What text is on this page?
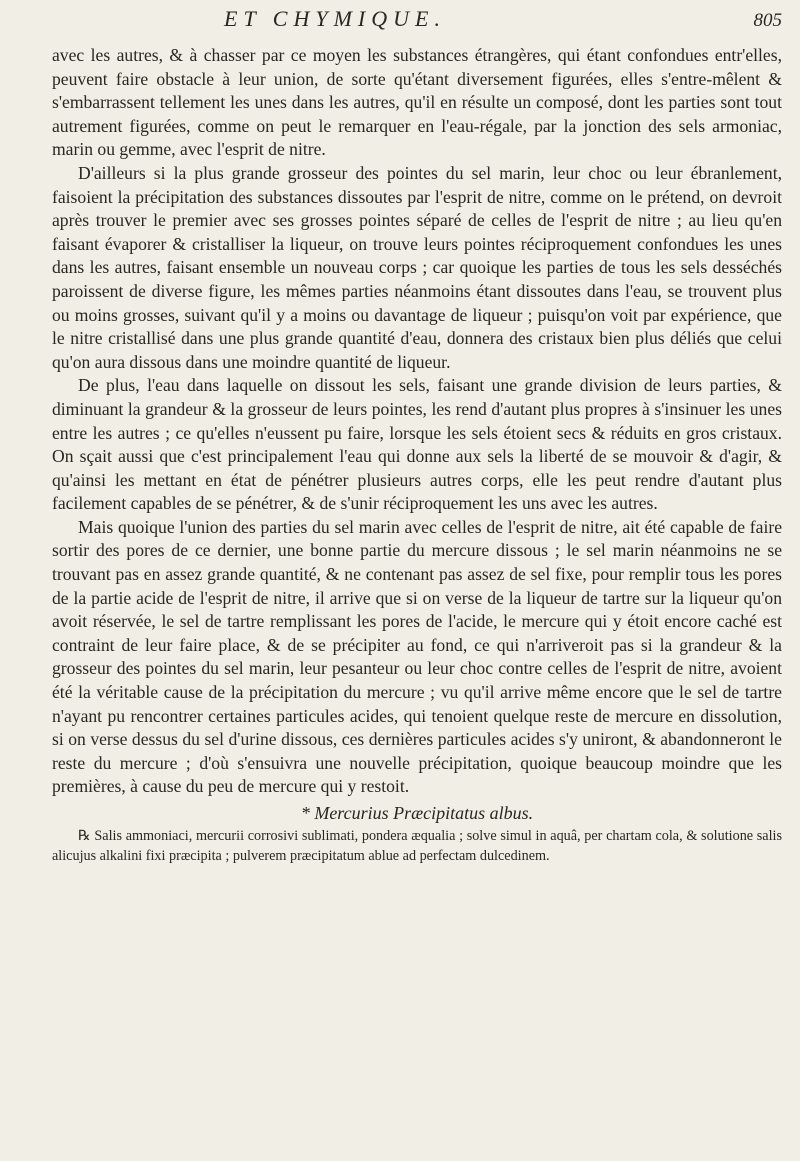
ET CHYMIQUE.	805

avec les autres, & à chasser par ce moyen les substances étrangères, qui étant confondues entr'elles, peuvent faire obstacle à leur union, de sorte qu'étant diversement figurées, elles s'entre-mêlent & s'embarrassent tellement les unes dans les autres, qu'il en résulte un composé, dont les parties sont tout autrement figurées, comme on peut le remarquer en l'eau-régale, par la jonction des sels armoniac, marin ou gemme, avec l'esprit de nitre.

D'ailleurs si la plus grande grosseur des pointes du sel marin, leur choc ou leur ébranlement, faisoient la précipitation des substances dissoutes par l'esprit de nitre, comme on le prétend, on devroit après trouver le premier avec ses grosses pointes séparé de celles de l'esprit de nitre ; au lieu qu'en faisant évaporer & cristalliser la liqueur, on trouve leurs pointes réciproquement confondues les unes dans les autres, faisant ensemble un nouveau corps ; car quoique les parties de tous les sels desséchés paroissent de diverse figure, les mêmes parties néanmoins étant dissoutes dans l'eau, se trouvent plus ou moins grosses, suivant qu'il y a moins ou davantage de liqueur ; puisqu'on voit par expérience, que le nitre cristallisé dans une plus grande quantité d'eau, donnera des cristaux bien plus déliés que celui qu'on aura dissous dans une moindre quantité de liqueur.

De plus, l'eau dans laquelle on dissout les sels, faisant une grande division de leurs parties, & diminuant la grandeur & la grosseur de leurs pointes, les rend d'autant plus propres à s'insinuer les unes entre les autres ; ce qu'elles n'eussent pu faire, lorsque les sels étoient secs & réduits en gros cristaux. On sçait aussi que c'est principalement l'eau qui donne aux sels la liberté de se mouvoir & d'agir, & qu'ainsi les mettant en état de pénétrer plusieurs autres corps, elle les peut rendre d'autant plus facilement capables de se pénétrer, & de s'unir réciproquement les uns avec les autres.

Mais quoique l'union des parties du sel marin avec celles de l'esprit de nitre, ait été capable de faire sortir des pores de ce dernier, une bonne partie du mercure dissous ; le sel marin néanmoins ne se trouvant pas en assez grande quantité, & ne contenant pas assez de sel fixe, pour remplir tous les pores de la partie acide de l'esprit de nitre, il arrive que si on verse de la liqueur de tartre sur la liqueur qu'on avoit réservée, le sel de tartre remplissant les pores de l'acide, le mercure qui y étoit encore caché est contraint de leur faire place, & de se précipiter au fond, ce qui n'arriveroit pas si la grandeur & la grosseur des pointes du sel marin, leur pesanteur ou leur choc contre celles de l'esprit de nitre, avoient été la véritable cause de la précipitation du mercure ; vu qu'il arrive même encore que le sel de tartre n'ayant pu rencontrer certaines particules acides, qui tenoient quelque reste de mercure en dissolution, si on verse dessus du sel d'urine dissous, ces dernières particules acides s'y uniront, & abandonneront le reste du mercure ; d'où s'ensuivra une nouvelle précipitation, quoique beaucoup moindre que les premières, à cause du peu de mercure qui y restoit.

* Mercurius Præcipitatus albus.

℞ Salis ammoniaci, mercurii corrosivi sublimati, pondera æqualia ; solve simul in aquâ, per chartam cola, & solutione salis alicujus alkalini fixi præcipita ; pulverem præcipitatum ablue ad perfectam dulcedinem.
